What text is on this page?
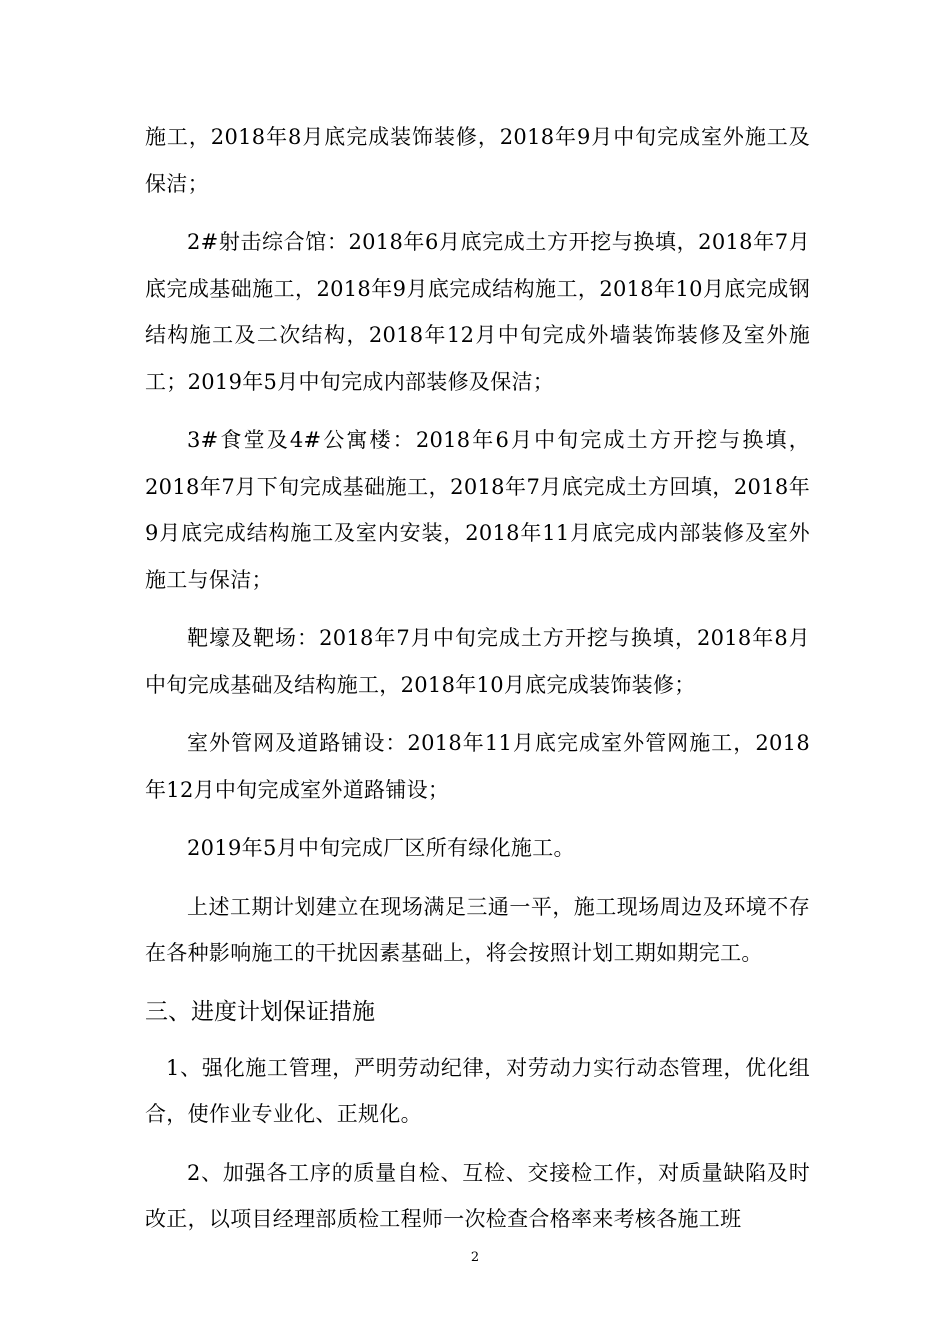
施工，2018年8月底完成装饰装修，2018年9月中旬完成室外施工及保洁；

2#射击综合馆：2018年6月底完成土方开挖与换填，2018年7月底完成基础施工，2018年9月底完成结构施工，2018年10月底完成钢结构施工及二次结构，2018年12月中旬完成外墙装饰装修及室外施工；2019年5月中旬完成内部装修及保洁；

3#食堂及4#公寓楼：2018年6月中旬完成土方开挖与换填，2018年7月下旬完成基础施工，2018年7月底完成土方回填，2018年9月底完成结构施工及室内安装，2018年11月底完成内部装修及室外施工与保洁；

靶壕及靶场：2018年7月中旬完成土方开挖与换填，2018年8月中旬完成基础及结构施工，2018年10月底完成装饰装修；

室外管网及道路铺设：2018年11月底完成室外管网施工，2018年12月中旬完成室外道路铺设；

2019年5月中旬完成厂区所有绿化施工。

上述工期计划建立在现场满足三通一平，施工现场周边及环境不存在各种影响施工的干扰因素基础上，将会按照计划工期如期完工。

三、进度计划保证措施

1、强化施工管理，严明劳动纪律，对劳动力实行动态管理，优化组合，使作业专业化、正规化。

2、加强各工序的质量自检、互检、交接检工作，对质量缺陷及时改正，以项目经理部质检工程师一次检查合格率来考核各施工班

2
